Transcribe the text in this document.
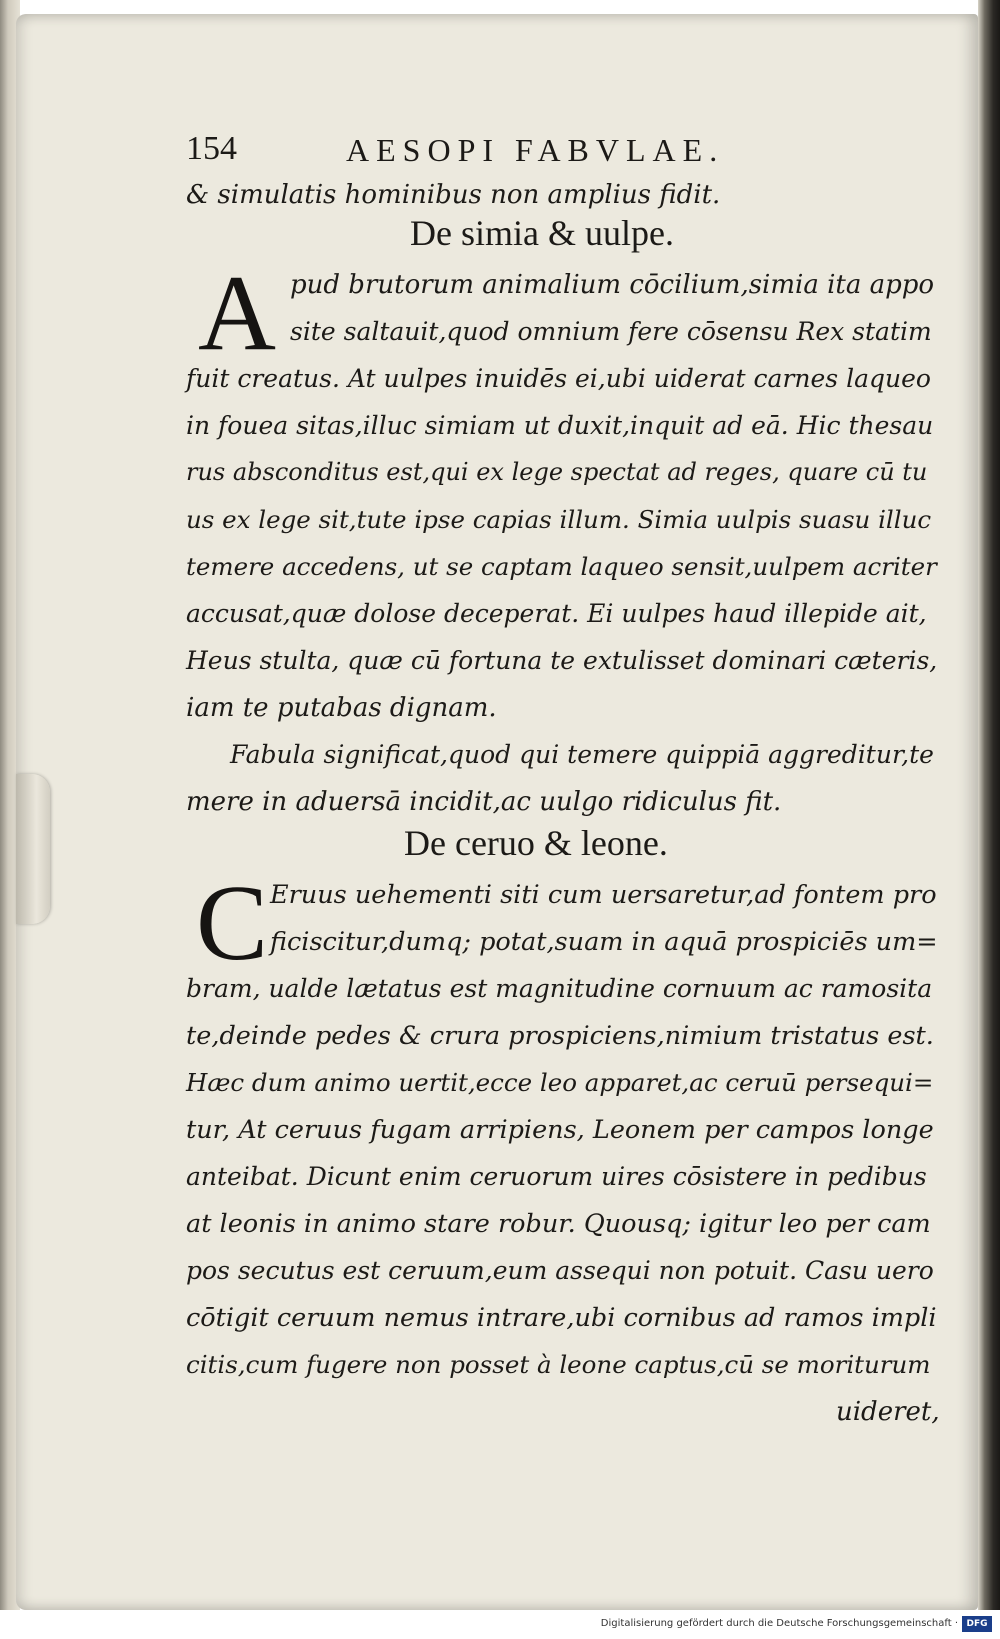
154	AESOPI FABVLAE.
& simulatis hominibus non amplius fidit.
De simia & uulpe.
A pud brutorum animalium cōcilium,simia ita appo
site saltauit,quod omnium fere cōsensu Rex statim
fuit creatus. At uulpes inuidēs ei,ubi uiderat carnes laqueo
in fouea sitas,illuc simiam ut duxit,inquit ad eā. Hic thesau
rus absconditus est,qui ex lege spectat ad reges, quare cū tu
us ex lege sit,tute ipse capias illum. Simia uulpis suasu illuc
temere accedens, ut se captam laqueo sensit,uulpem acriter
accusat,quæ dolose deceperat. Ei uulpes haud illepide ait,
Heus stulta, quæ cū fortuna te extulisset dominari cæteris,
iam te putabas dignam.
Fabula significat,quod qui temere quippiā aggreditur,te
mere in aduersā incidit,ac uulgo ridiculus fit.
De ceruo & leone.
C Eruus uehementi siti cum uersaretur,ad fontem pro
ficiscitur,dumq; potat,suam in aquā prospiciēs um=
bram, ualde lætatus est magnitudine cornuum ac ramosita
te,deinde pedes & crura prospiciens,nimium tristatus est.
Hæc dum animo uertit,ecce leo apparet,ac ceruū persequi=
tur, At ceruus fugam arripiens, Leonem per campos longe
anteibat. Dicunt enim ceruorum uires cōsistere in pedibus
at leonis in animo stare robur. Quousq; igitur leo per cam
pos secutus est ceruum,eum assequi non potuit. Casu uero
cōtigit ceruum nemus intrare,ubi cornibus ad ramos impli
citis,cum fugere non posset à leone captus,cū se moriturum
uideret,
Digitalisierung gefördert durch die Deutsche Forschungsgemeinschaft · DFG
